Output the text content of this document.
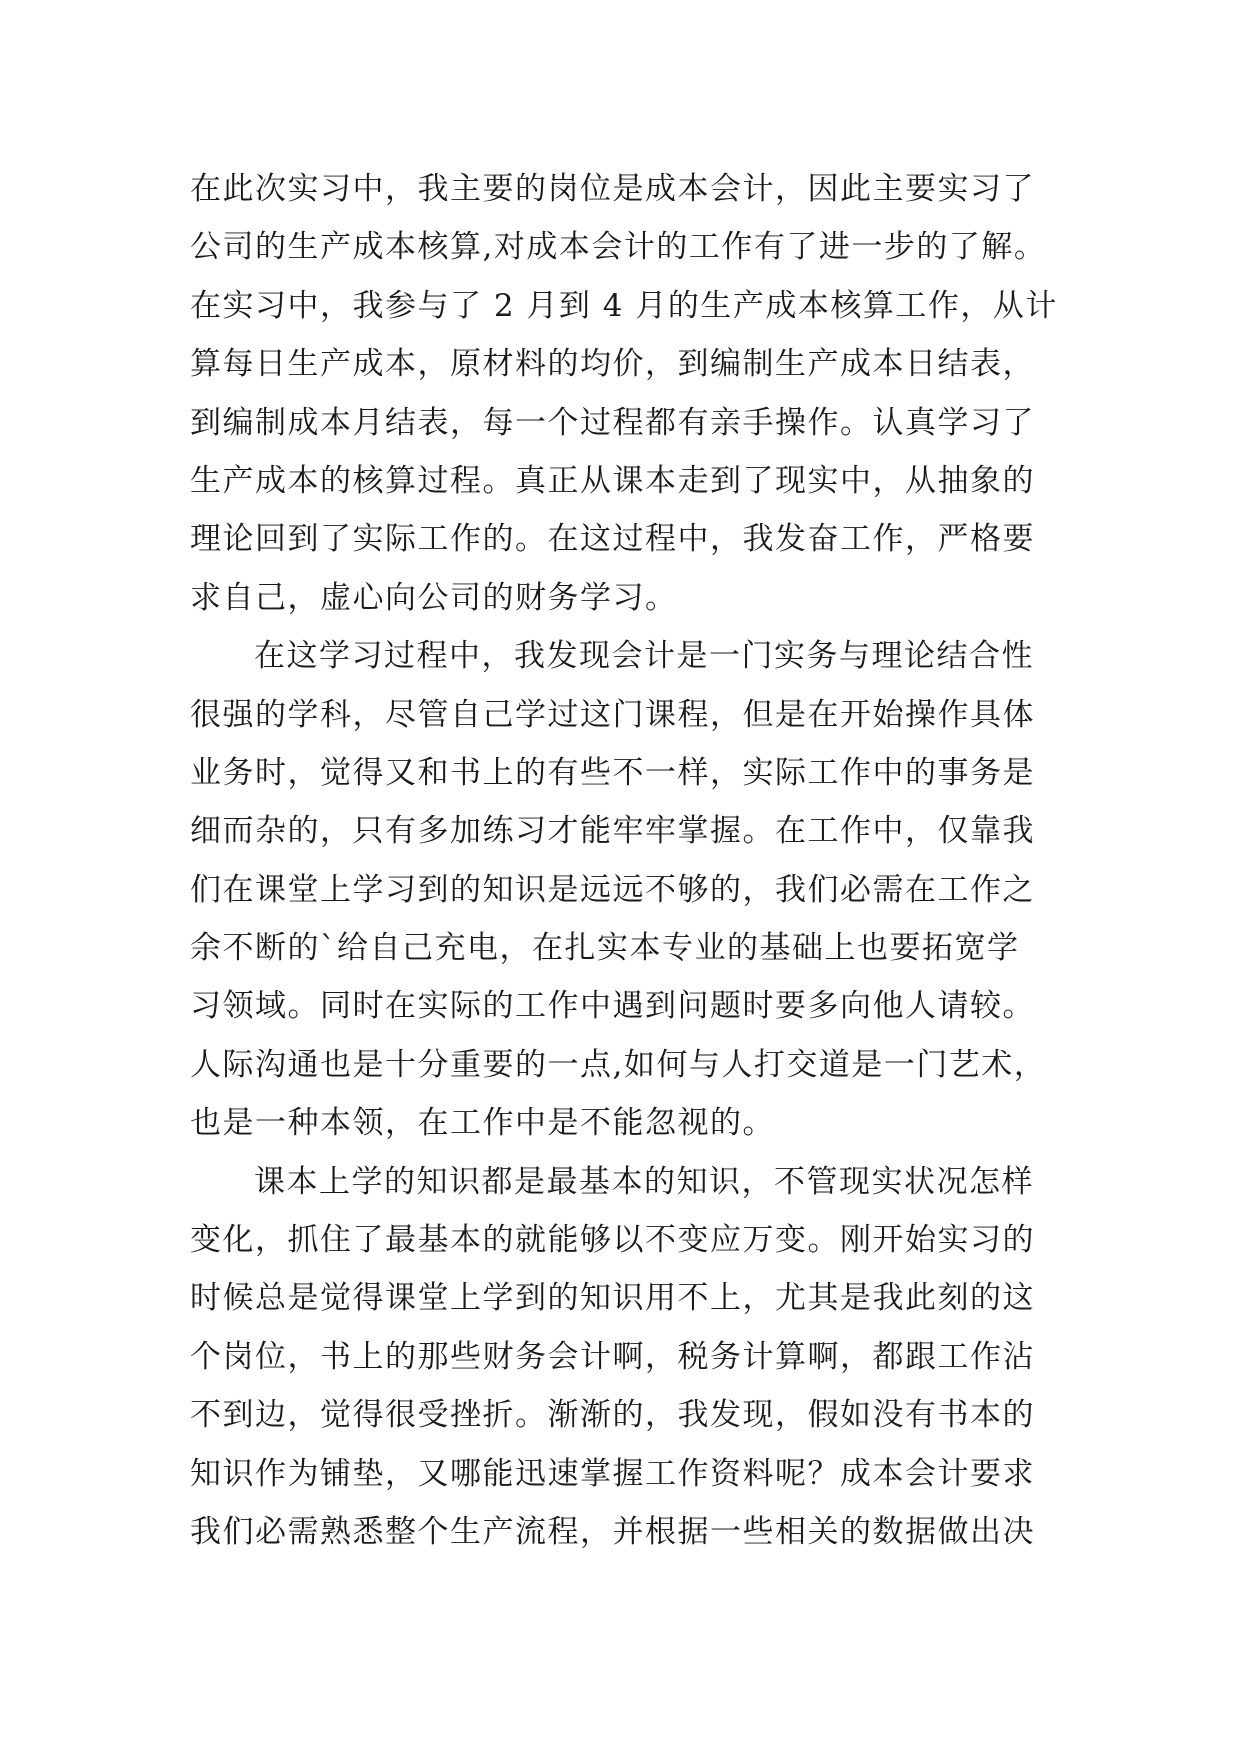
在此次实习中，我主要的岗位是成本会计，因此主要实习了
公司的生产成本核算,对成本会计的工作有了进一步的了解。
在实习中，我参与了 2 月到 4 月的生产成本核算工作，从计
算每日生产成本，原材料的均价，到编制生产成本日结表，
到编制成本月结表，每一个过程都有亲手操作。认真学习了
生产成本的核算过程。真正从课本走到了现实中，从抽象的
理论回到了实际工作的。在这过程中，我发奋工作，严格要
求自己，虚心向公司的财务学习。
在这学习过程中，我发现会计是一门实务与理论结合性
很强的学科，尽管自己学过这门课程，但是在开始操作具体
业务时，觉得又和书上的有些不一样，实际工作中的事务是
细而杂的，只有多加练习才能牢牢掌握。在工作中，仅靠我
们在课堂上学习到的知识是远远不够的，我们必需在工作之
余不断的`给自己充电，在扎实本专业的基础上也要拓宽学
习领域。同时在实际的工作中遇到问题时要多向他人请较。
人际沟通也是十分重要的一点,如何与人打交道是一门艺术，
也是一种本领，在工作中是不能忽视的。
课本上学的知识都是最基本的知识，不管现实状况怎样
变化，抓住了最基本的就能够以不变应万变。刚开始实习的
时候总是觉得课堂上学到的知识用不上，尤其是我此刻的这
个岗位，书上的那些财务会计啊，税务计算啊，都跟工作沾
不到边，觉得很受挫折。渐渐的，我发现，假如没有书本的
知识作为铺垫，又哪能迅速掌握工作资料呢？成本会计要求
我们必需熟悉整个生产流程，并根据一些相关的数据做出决
